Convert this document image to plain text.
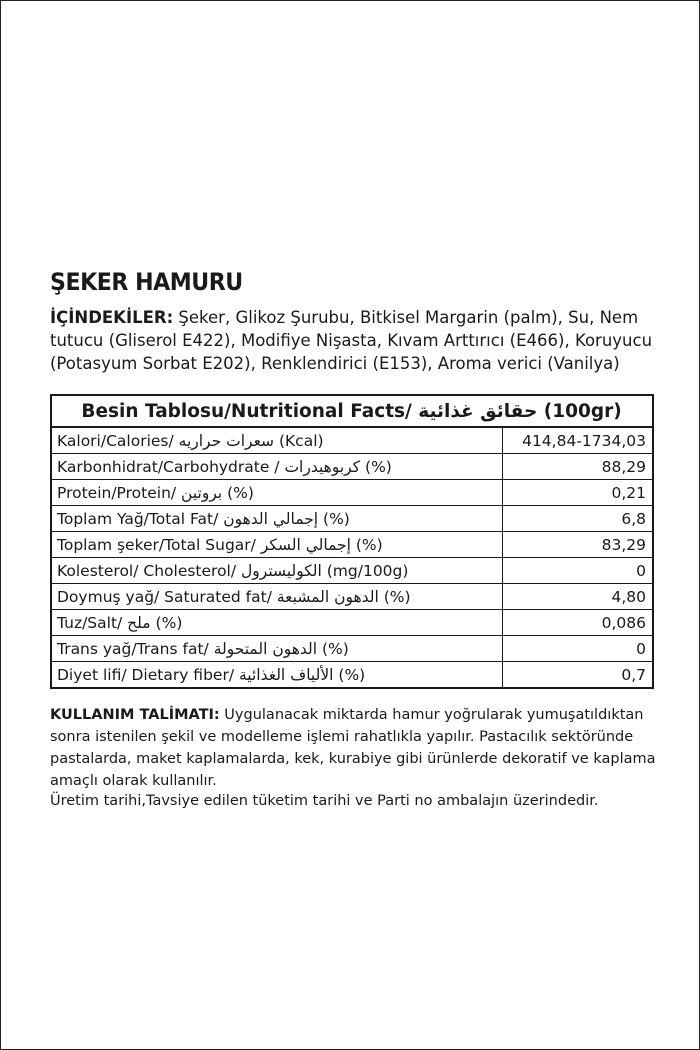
ŞEKER HAMURU

İÇİNDEKİLER: Şeker, Glikoz Şurubu, Bitkisel Margarin (palm), Su, Nem tutucu (Gliserol E422), Modifiye Nişasta, Kıvam Arttırıcı (E466), Koruyucu (Potasyum Sorbat E202), Renklendirici (E153), Aroma verici (Vanilya)

Besin Tablosu/Nutritional Facts/ حقائق غذائية (100gr)	
Kalori/Calories/ سعرات حراريه (Kcal)	414,84-1734,03
Karbonhidrat/Carbohydrate / كربوهيدرات (%)	88,29
Protein/Protein/ بروتين (%)	0,21
Toplam Yağ/Total Fat/ إجمالي الدهون (%)	6,8
Toplam şeker/Total Sugar/ إجمالي السكر (%)	83,29
Kolesterol/ Cholesterol/ الكوليسترول (mg/100g)	0
Doymuş yağ/ Saturated fat/ الدهون المشبعة (%)	4,80
Tuz/Salt/ ملح (%)	0,086
Trans yağ/Trans fat/ الدهون المتحولة (%)	0
Diyet lifi/ Dietary fiber/ الألياف الغذائية (%)	0,7

KULLANIM TALİMATI: Uygulanacak miktarda hamur yoğrularak yumuşatıldıktan sonra istenilen şekil ve modelleme işlemi rahatlıkla yapılır. Pastacılık sektöründe pastalarda, maket kaplamalarda, kek, kurabiye gibi ürünlerde dekoratif ve kaplama amaçlı olarak kullanılır.

Üretim tarihi,Tavsiye edilen tüketim tarihi ve Parti no ambalajın üzerindedir.
